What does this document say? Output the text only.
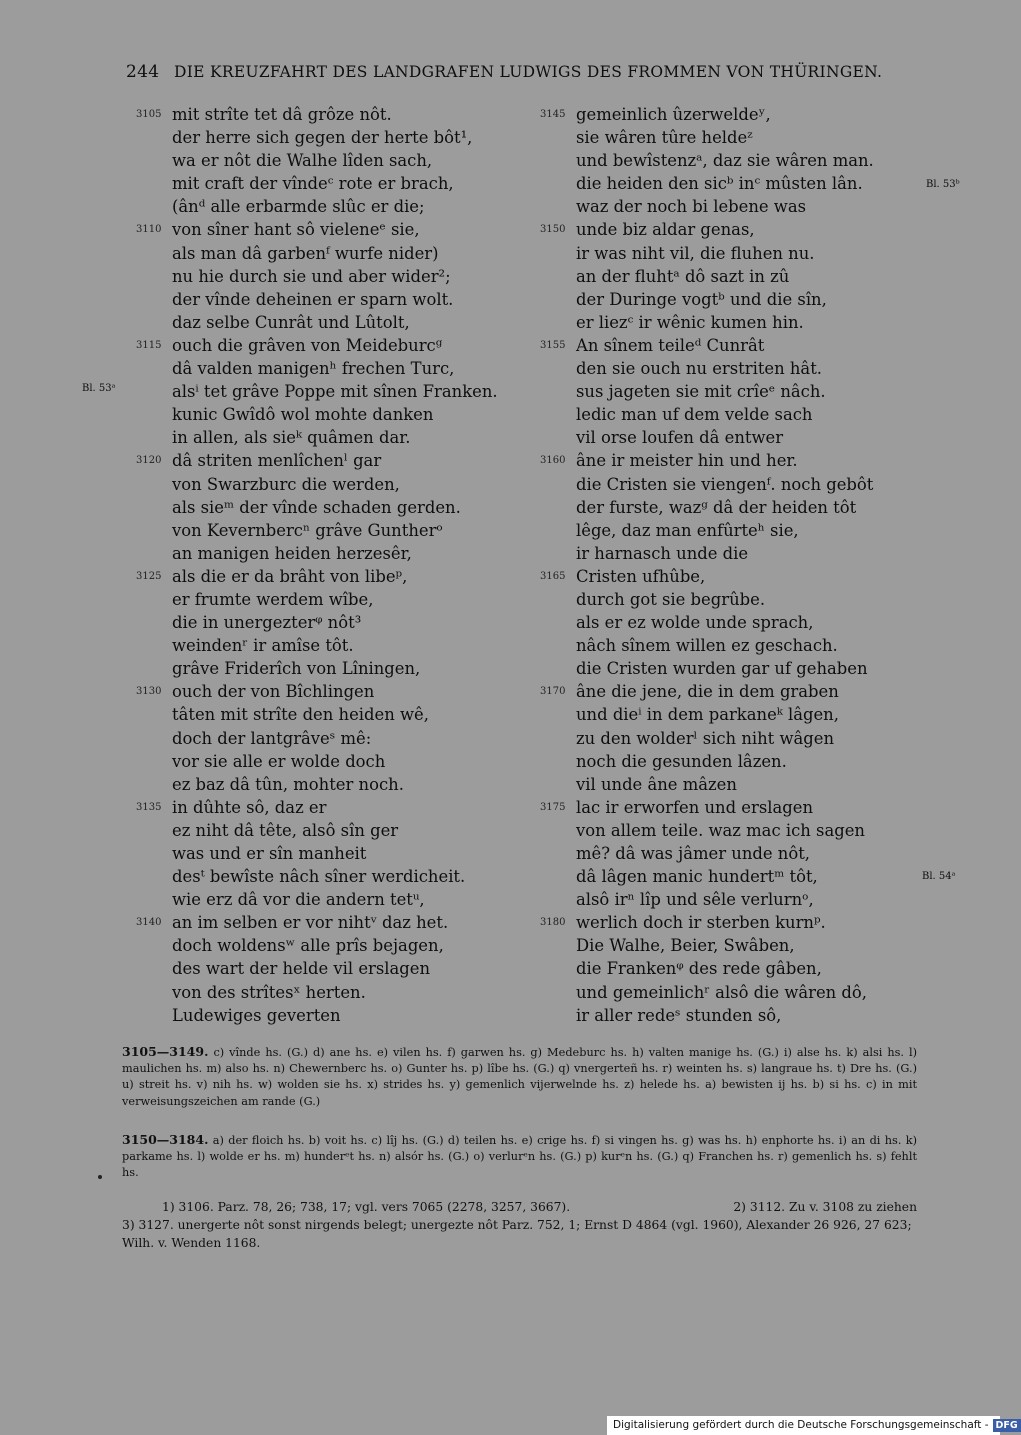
244 DIE KREUZFAHRT DES LANDGRAFEN LUDWIGS DES FROMMEN VON THÜRINGEN.
3105 mit strîte tet dâ grôze nôt.
der herre sich gegen der herte bôt¹,
wa er nôt die Walhe lîden sach,
mit craft der vîndeᶜ rote er brach,
(ânᵈ alle erbarmde slûc er die;
3110 von sîner hant sô vieleneᵉ sie,
als man dâ garbenᶠ wurfe nider)
nu hie durch sie und aber wider²;
der vînde deheinen er sparn wolt.
daz selbe Cunrât und Lûtolt,
3115 ouch die grâven von Meideburcᵍ
dâ valden manigenʰ frechen Turc,
alsⁱ tet grâve Poppe mit sînen Franken.
kunic Gwîdô wol mohte danken
in allen, als sieᵏ quâmen dar.
3120 dâ striten menlîchenˡ gar
von Swarzburc die werden,
als sieᵐ der vînde schaden gerden.
von Kevernbercⁿ grâve Guntherᵒ
an manigen heiden herzesêr,
3125 als die er da brâht von libeᵖ,
er frumte werdem wîbe,
die in unergezterᵠ nôt³
weindenʳ ir amîse tôt.
grâve Friderîch von Lîningen,
3130 ouch der von Bîchlingen
tâten mit strîte den heiden wê,
doch der lantgrâveˢ mê:
vor sie alle er wolde doch
ez baz dâ tûn, mohter noch.
3135 in dûhte sô, daz er
ez niht dâ tête, alsô sîn ger
was und er sîn manheit
desᵗ bewîste nâch sîner werdicheit.
wie erz dâ vor die andern tetᵘ,
3140 an im selben er vor nihtᵛ daz het.
doch woldensʷ alle prîs bejagen,
des wart der helde vil erslagen
von des strîtesˣ herten.
Ludewiges geverten
3145 gemeinlich ûzerweldeʸ,
sie wâren tûre heldeᶻ
und bewîstenzᵃ, daz sie wâren man.
die heiden den sicᵇ inᶜ mûsten lân.
waz der noch bi lebene was
3150 unde biz aldar genas,
ir was niht vil, die fluhen nu.
an der fluhtᵃ dô sazt in zû
der Duringe vogtᵇ und die sîn,
er liezᶜ ir wênic kumen hin.
3155 An sînem teileᵈ Cunrât
den sie ouch nu erstriten hât.
sus jageten sie mit crîeᵉ nâch.
ledic man uf dem velde sach
vil orse loufen dâ entwer
3160 âne ir meister hin und her.
die Cristen sie viengenᶠ. noch gebôt
der furste, wazᵍ dâ der heiden tôt
lêge, daz man enfûrteʰ sie,
ir harnasch unde die
3165 Cristen ufhûbe,
durch got sie begrûbe.
als er ez wolde unde sprach,
nâch sînem willen ez geschach.
die Cristen wurden gar uf gehaben
3170 âne die jene, die in dem graben
und dieⁱ in dem parkaneᵏ lâgen,
zu den wolderˡ sich niht wâgen
noch die gesunden lâzen.
vil unde âne mâzen
3175 lac ir erworfen und erslagen
von allem teile. waz mac ich sagen
mê? dâ was jâmer unde nôt,
dâ lâgen manic hundertᵐ tôt,
alsô irⁿ lîp und sêle verlurnᵒ,
3180 werlich doch ir sterben kurnᵖ.
Die Walhe, Beier, Swâben,
die Frankenᵠ des rede gâben,
und gemeinlichʳ alsô die wâren dô,
ir aller redeˢ stunden sô,
Bl. 53ᵃ
Bl. 53ᵇ
Bl. 54ᵃ

3105—3149. c) vînde hs. (G.) d) ane hs. e) vilen hs. f) garwen hs. g) Medeburc hs. h) valten manige hs. (G.) i) alse hs. k) alsi hs. l) maulichen hs. m) also hs. n) Chewernberc hs. o) Gunter hs. p) lîbe hs. (G.) q) vnergerteñ hs. r) weinten hs. s) langraue hs. t) Dre hs. (G.) u) streit hs. v) nih hs. w) wolden sie hs. x) strides hs. y) gemenlich vijerwelnde hs. z) helede hs. a) bewisten ij hs. b) si hs. c) in mit verweisungszeichen am rande (G.)

3150—3184. a) der floich hs. b) voit hs. c) lîj hs. (G.) d) teilen hs. e) crige hs. f) si vingen hs. g) was hs. h) enphorte hs. i) an di hs. k) parkame hs. l) wolde er hs. m) hunderᵉt hs. n) alsór hs. (G.) o) verlurᵉn hs. (G.) p) kurᵉn hs. (G.) q) Franchen hs. r) gemenlich hs. s) fehlt hs.

1) 3106. Parz. 78, 26; 738, 17; vgl. vers 7065 (2278, 3257, 3667).	2) 3112. Zu v. 3108 zu ziehen

3) 3127. unergerte nôt sonst nirgends belegt; unergezte nôt Parz. 752, 1; Ernst D 4864 (vgl. 1960), Alexander 26 926, 27 623; Wilh. v. Wenden 1168.

Digitalisierung gefördert durch die Deutsche Forschungsgemeinschaft - DFG
